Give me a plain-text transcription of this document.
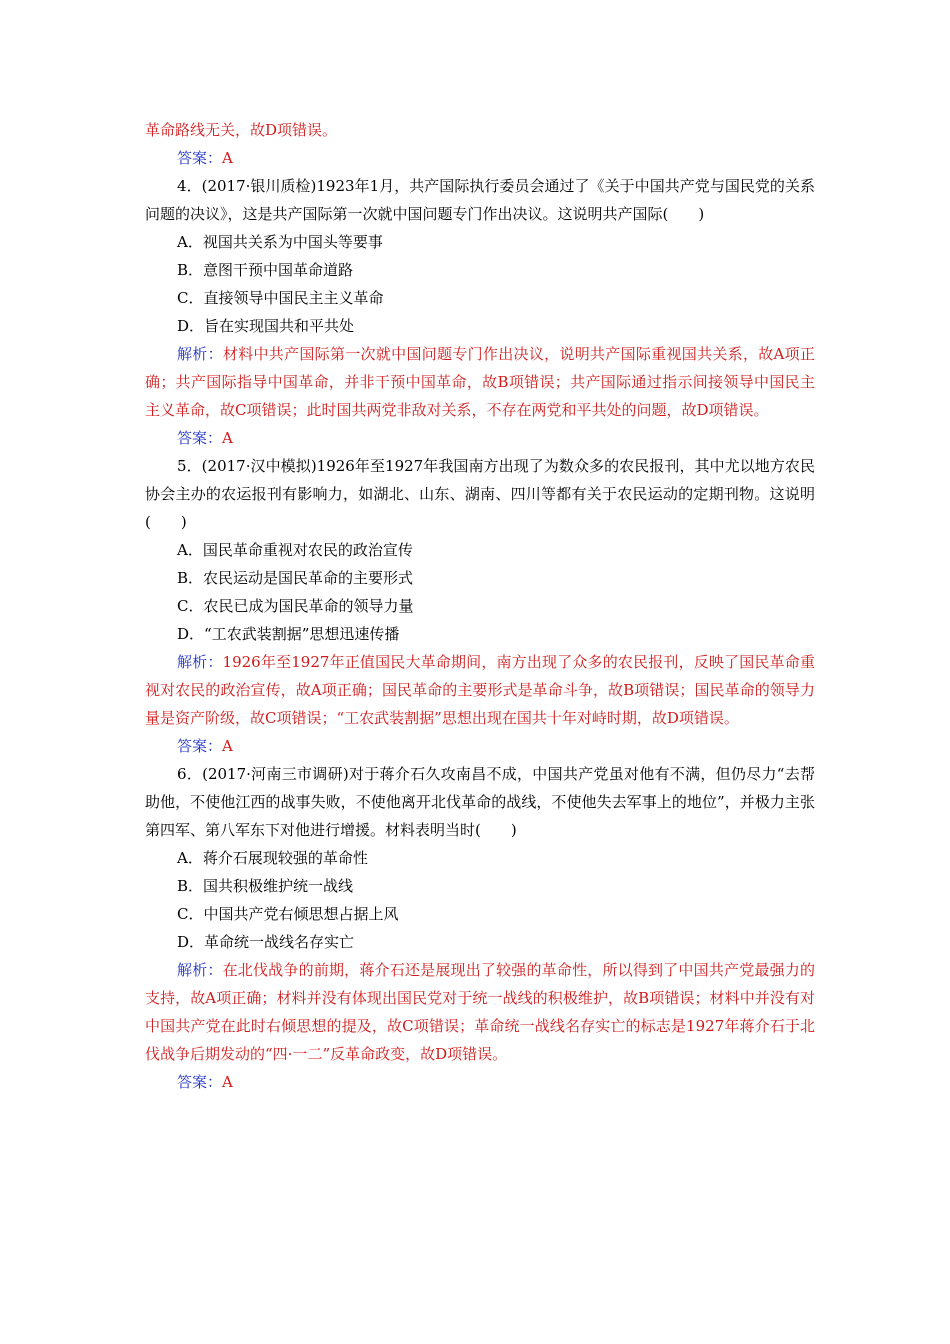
革命路线无关，故D项错误。
答案：A
4．(2017·银川质检)1923年1月，共产国际执行委员会通过了《关于中国共产党与国民党的关系问题的决议》，这是共产国际第一次就中国问题专门作出决议。这说明共产国际(　　)
A．视国共关系为中国头等要事
B．意图干预中国革命道路
C．直接领导中国民主主义革命
D．旨在实现国共和平共处
解析：材料中共产国际第一次就中国问题专门作出决议，说明共产国际重视国共关系，故A项正确；共产国际指导中国革命，并非干预中国革命，故B项错误；共产国际通过指示间接领导中国民主主义革命，故C项错误；此时国共两党非敌对关系，不存在两党和平共处的问题，故D项错误。
答案：A
5．(2017·汉中模拟)1926年至1927年我国南方出现了为数众多的农民报刊，其中尤以地方农民协会主办的农运报刊有影响力，如湖北、山东、湖南、四川等都有关于农民运动的定期刊物。这说明(　　)
A．国民革命重视对农民的政治宣传
B．农民运动是国民革命的主要形式
C．农民已成为国民革命的领导力量
D．“工农武装割据”思想迅速传播
解析：1926年至1927年正值国民大革命期间，南方出现了众多的农民报刊，反映了国民革命重视对农民的政治宣传，故A项正确；国民革命的主要形式是革命斗争，故B项错误；国民革命的领导力量是资产阶级，故C项错误；“工农武装割据”思想出现在国共十年对峙时期，故D项错误。
答案：A
6．(2017·河南三市调研)对于蒋介石久攻南昌不成，中国共产党虽对他有不满，但仍尽力“去帮助他，不使他江西的战事失败，不使他离开北伐革命的战线，不使他失去军事上的地位”，并极力主张第四军、第八军东下对他进行增援。材料表明当时(　　)
A．蒋介石展现较强的革命性
B．国共积极维护统一战线
C．中国共产党右倾思想占据上风
D．革命统一战线名存实亡
解析：在北伐战争的前期，蒋介石还是展现出了较强的革命性，所以得到了中国共产党最强力的支持，故A项正确；材料并没有体现出国民党对于统一战线的积极维护，故B项错误；材料中并没有对中国共产党在此时右倾思想的提及，故C项错误；革命统一战线名存实亡的标志是1927年蒋介石于北伐战争后期发动的“四·一二”反革命政变，故D项错误。
答案：A
